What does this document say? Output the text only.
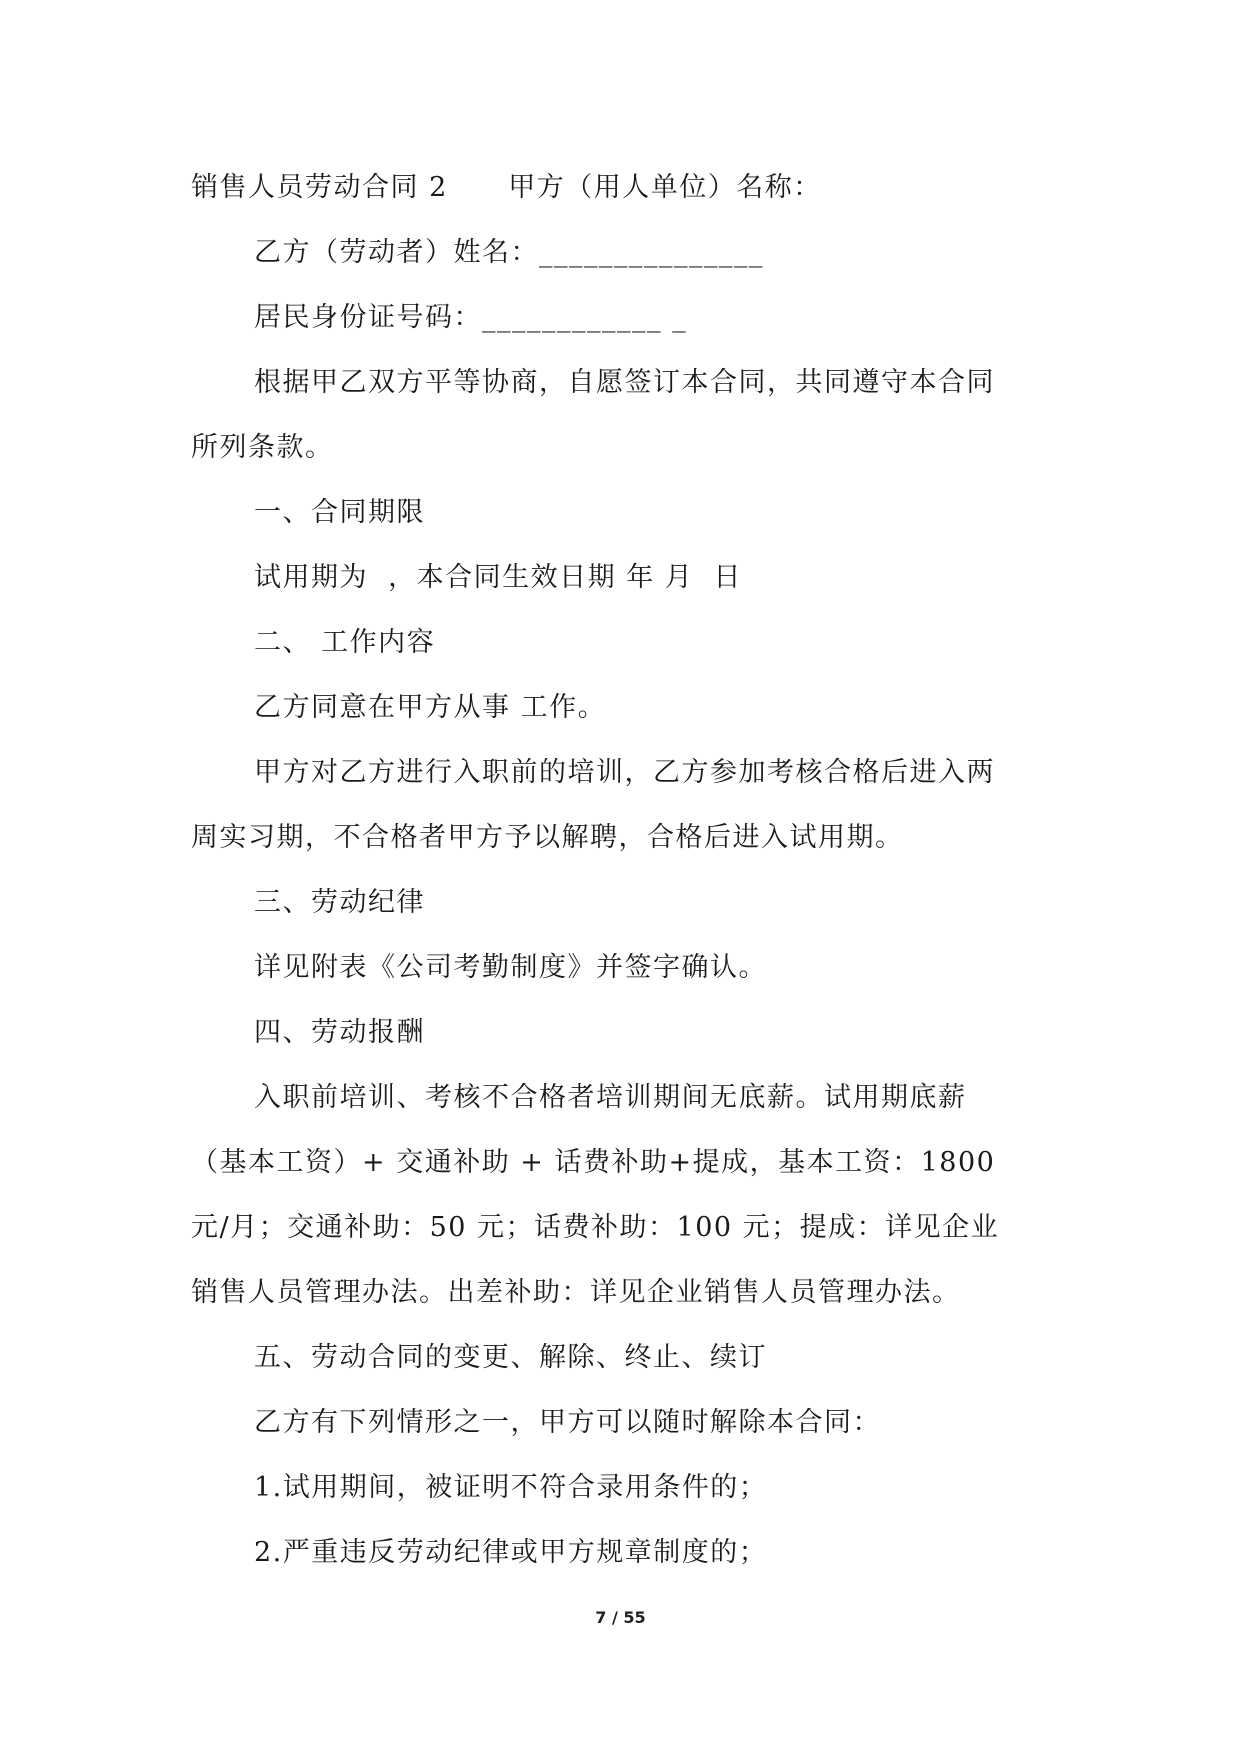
销售人员劳动合同 2      甲方（用人单位）名称：
乙方（劳动者）姓名：_______________
居民身份证号码：____________ _
根据甲乙双方平等协商，自愿签订本合同，共同遵守本合同
所列条款。
一、合同期限
试用期为  ，本合同生效日期 年 月  日
二、 工作内容
乙方同意在甲方从事 工作。
甲方对乙方进行入职前的培训，乙方参加考核合格后进入两
周实习期，不合格者甲方予以解聘，合格后进入试用期。
三、劳动纪律
详见附表《公司考勤制度》并签字确认。
四、劳动报酬
入职前培训、考核不合格者培训期间无底薪。试用期底薪
（基本工资）+ 交通补助 + 话费补助+提成，基本工资：1800
元/月；交通补助：50 元；话费补助：100 元；提成：详见企业
销售人员管理办法。出差补助：详见企业销售人员管理办法。
五、劳动合同的变更、解除、终止、续订
乙方有下列情形之一，甲方可以随时解除本合同：
1.试用期间，被证明不符合录用条件的；
2.严重违反劳动纪律或甲方规章制度的；
7 / 55
